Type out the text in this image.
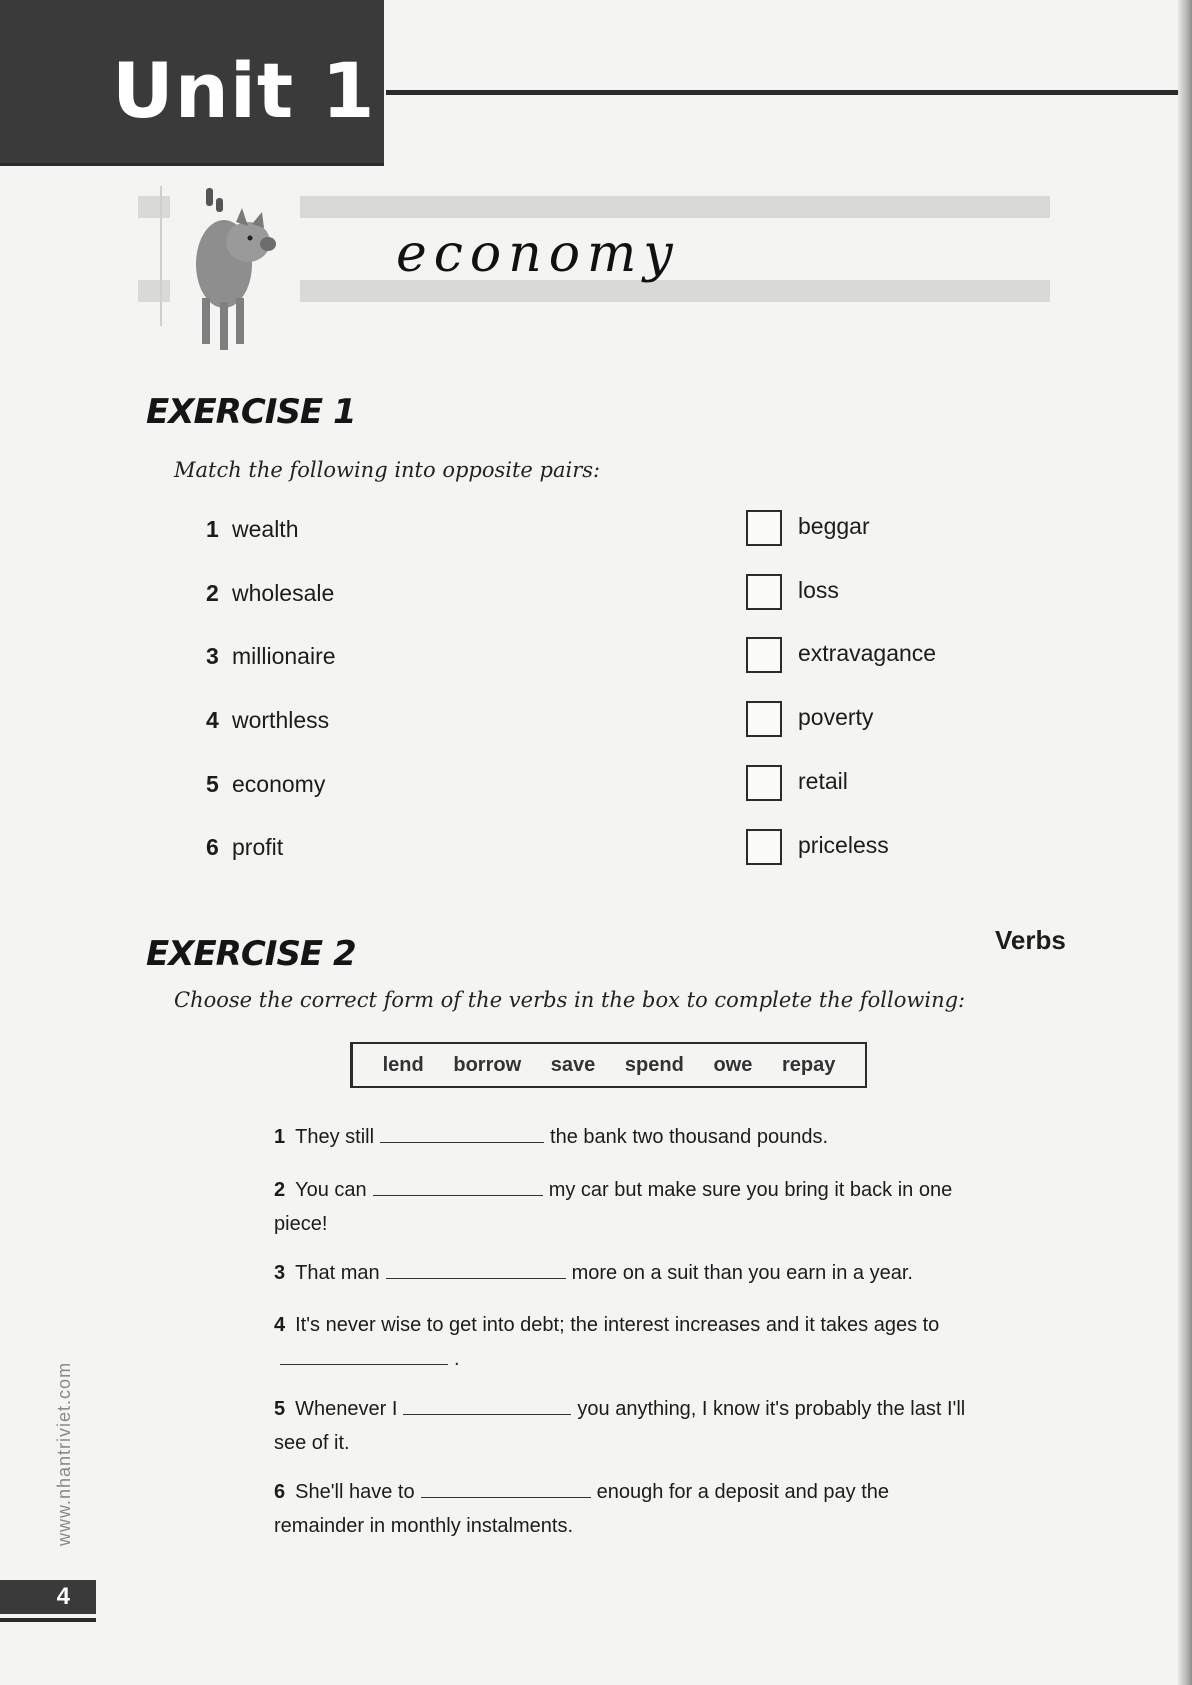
Unit 1
economy
EXERCISE 1
Match the following into opposite pairs:
1 wealth
2 wholesale
3 millionaire
4 worthless
5 economy
6 profit
beggar
loss
extravagance
poverty
retail
priceless
EXERCISE 2	Verbs
Choose the correct form of the verbs in the box to complete the following:
lend borrow save spend owe repay
1 They still	the bank two thousand pounds.
2 You can	my car but make sure you bring it back in one piece!
3 That man	more on a suit than you earn in a year.
4 It's never wise to get into debt; the interest increases and it takes ages to.
5 Whenever I	you anything, I know it's probably the last I'll see of it.
6 She'll have to	enough for a deposit and pay the remainder in monthly instalments.
www.nhantriviet.com
4
